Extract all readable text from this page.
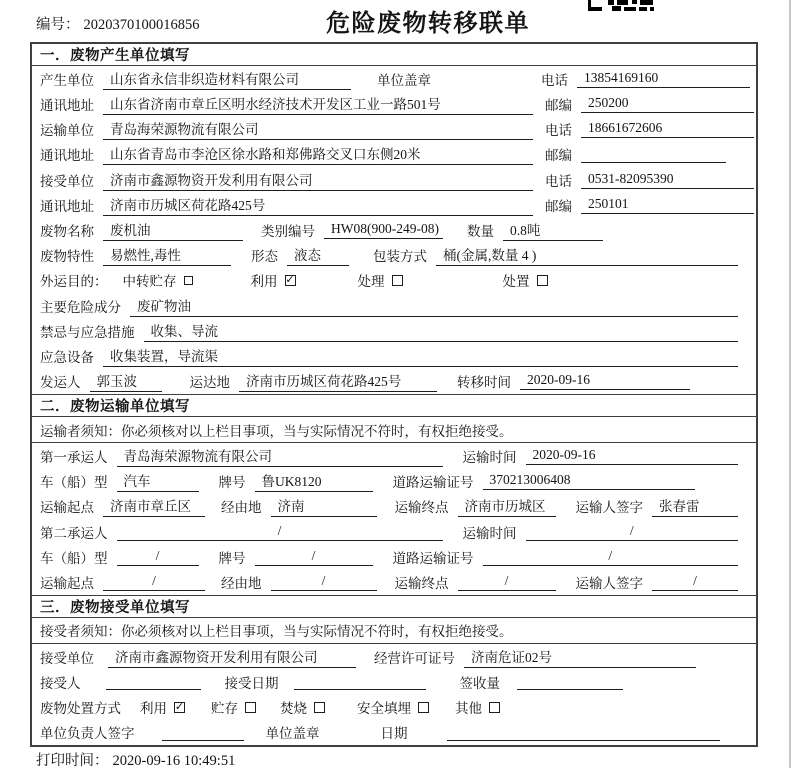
编号： 2020370100016856	危险废物转移联单
一．废物产生单位填写
产生单位	山东省永信非织造材料有限公司	单位盖章	电话	13854169160
通讯地址	山东省济南市章丘区明水经济技术开发区工业一路501号	邮编	250200
运输单位	青岛海荣源物流有限公司	电话	18661672606
通讯地址	山东省青岛市李沧区徐水路和郑佛路交叉口东侧20米	邮编
接受单位	济南市鑫源物资开发利用有限公司	电话	0531-82095390
通讯地址	济南市历城区荷花路425号	邮编	250101
废物名称	废机油	类别编号	HW08(900-249-08) 数量	0.8吨
废物特性	易燃性,毒性	形态	液态	包装方式	桶(金属,数量 4 )
外运目的： 中转贮存	利用 ✓	处理	处置
主要危险成分	废矿物油
禁忌与应急措施	收集、导流
应急设备	收集装置，导流渠
发运人	郭玉波	运达地	济南市历城区荷花路425号	转移时间	2020-09-16
二．废物运输单位填写
运输者须知：你必须核对以上栏目事项，当与实际情况不符时，有权拒绝接受。
第一承运人	青岛海荣源物流有限公司	运输时间	2020-09-16
车（船）型	汽车	牌号	鲁UK8120	道路运输证号	370213006408
运输起点	济南市章丘区	经由地	济南	运输终点	济南市历城区	运输人签字	张春雷
第二承运人	/	运输时间	/
车（船）型	/	牌号	/	道路运输证号	/
运输起点	/	经由地	/	运输终点	/	运输人签字	/
三．废物接受单位填写
接受者须知：你必须核对以上栏目事项，当与实际情况不符时，有权拒绝接受。
接受单位	济南市鑫源物资开发利用有限公司	经营许可证号	济南危证02号
接受人	接受日期	签收量
废物处置方式 利用 ✓ 贮存	焚烧	安全填埋	其他
单位负责人签字	单位盖章	日期
打印时间： 2020-09-16 10:49:51
